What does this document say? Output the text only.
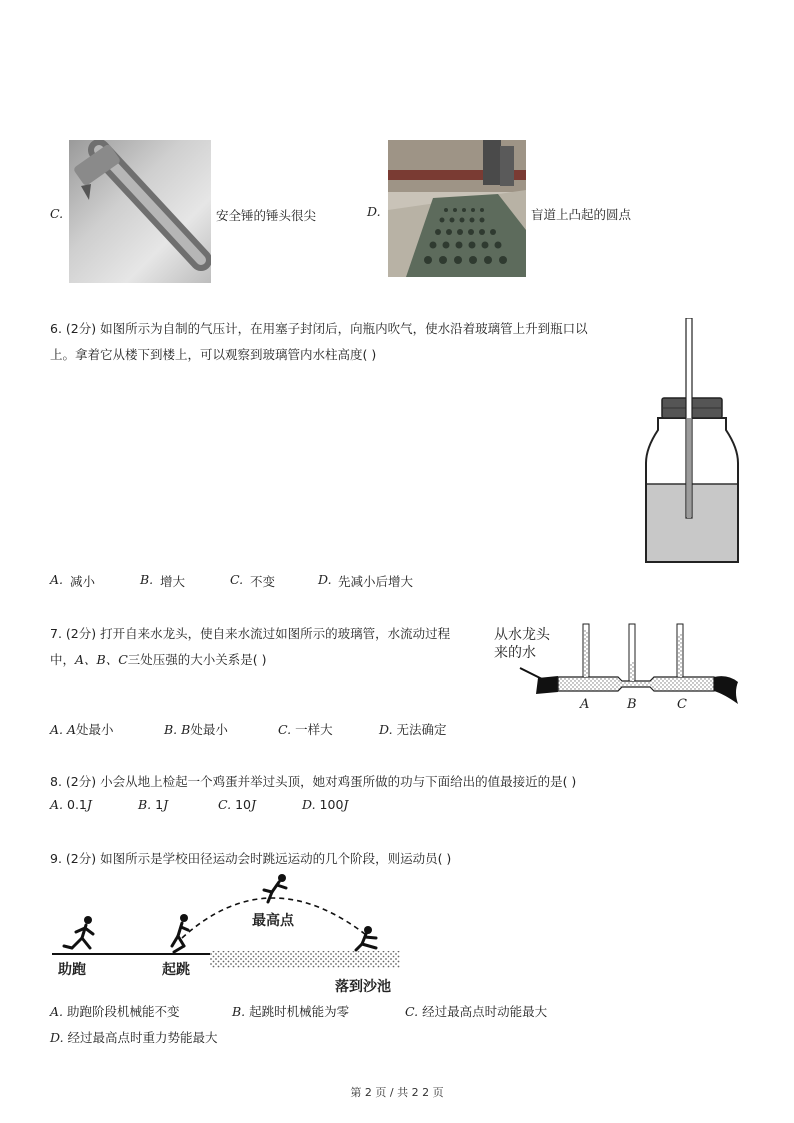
C.	安全锤的锤头很尖	D.	盲道上凸起的圆点
6. (2分) 如图所示为自制的气压计，在用塞子封闭后，向瓶内吹气，使水沿着玻璃管上升到瓶口以
上。拿着它从楼下到楼上，可以观察到玻璃管内水柱高度( )
A. 减小	B. 增大	C. 不变	D. 先减小后增大
7. (2分) 打开自来水龙头，使自来水流过如图所示的玻璃管，水流动过程
中，A、B、C三处压强的大小关系是( )
从水龙头
来的水
A	B	C
A. A处最小	B. B处最小	C. 一样大	D. 无法确定
8. (2分) 小会从地上检起一个鸡蛋并举过头顶，她对鸡蛋所做的功与下面给出的值最接近的是( )
A. 0.1J	B. 1J	C. 10J	D. 100J
9. (2分) 如图所示是学校田径运动会时跳远运动的几个阶段，则运动员( )
助跑	起跳
最高点
落到沙池
A. 助跑阶段机械能不变	B. 起跳时机械能为零	C. 经过最高点时动能最大
D. 经过最高点时重力势能最大
第 2 页 / 共 2 2 页
